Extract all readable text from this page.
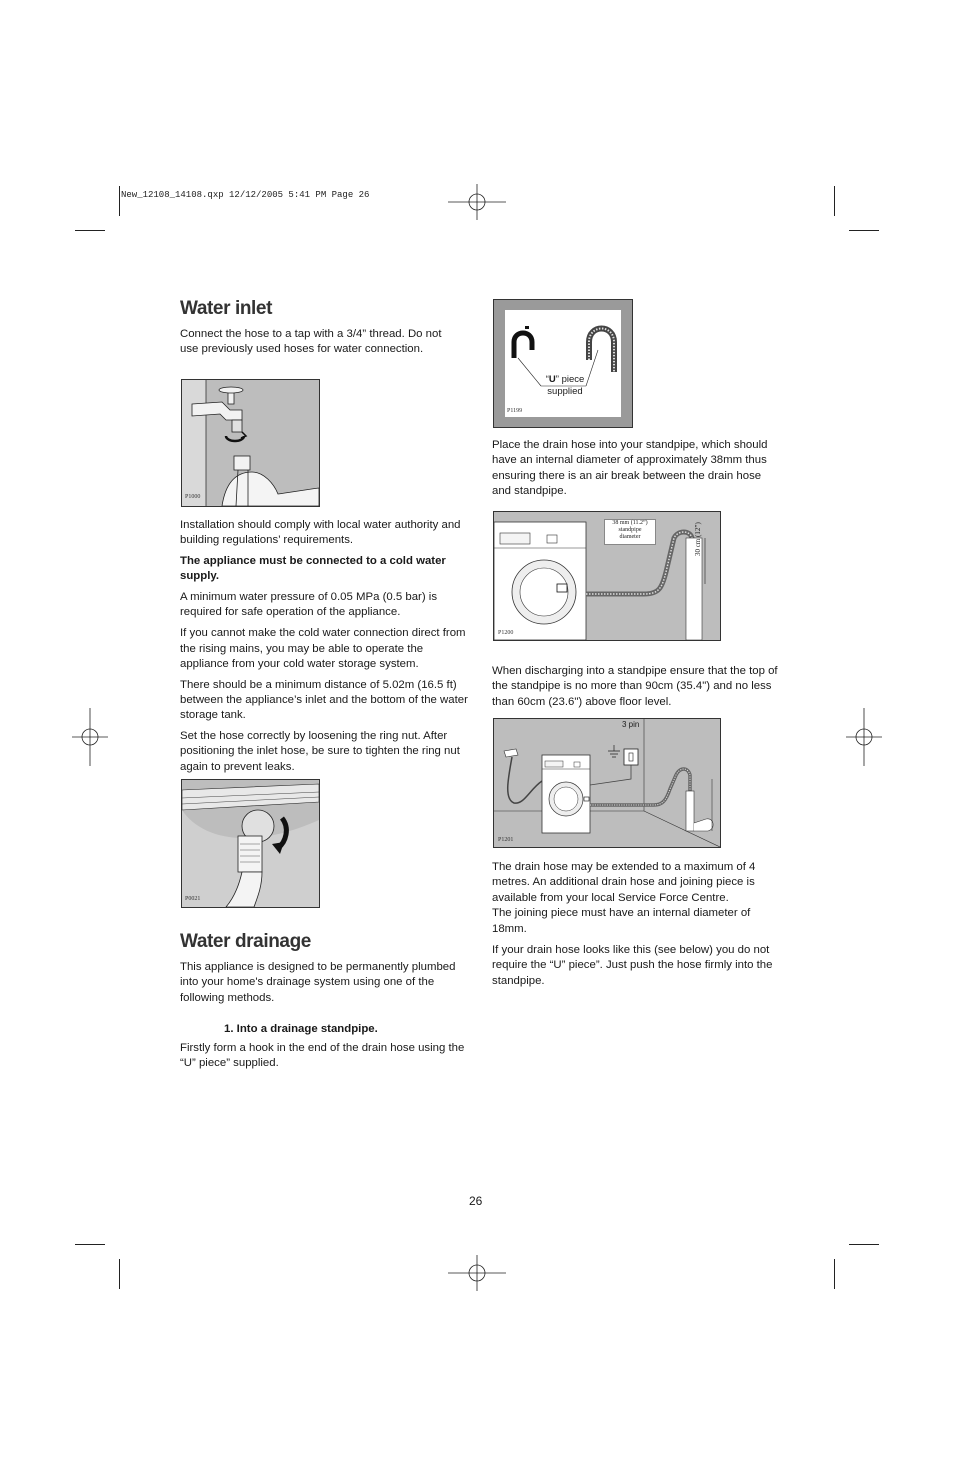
New_12108_14108.qxp 12/12/2005 5:41 PM Page 26
Water inlet

Connect the hose to a tap with a 3/4” thread. Do not use previously used hoses for water connection.

P1000

Installation should comply with local water authority and building regulations’ requirements.

The appliance must be connected to a cold water supply.

A minimum water pressure of 0.05 MPa (0.5 bar) is required for safe operation of the appliance.

If you cannot make the cold water connection direct from the rising mains, you may be able to operate the appliance from your cold water storage system.

There should be a minimum distance of 5.02m (16.5 ft) between the appliance’s inlet and the bottom of the water storage tank.

Set the hose correctly by loosening the ring nut. After positioning the inlet hose, be sure to tighten the ring nut again to prevent leaks.

P0021
Water drainage

This appliance is designed to be permanently plumbed into your home's drainage system using one of the following methods.

1. Into a drainage standpipe.

Firstly form a hook in the end of the drain hose using the “U” piece” supplied.

“U” piece
supplied
P1199

Place the drain hose into your standpipe, which should have an internal diameter of approximately 38mm thus ensuring there is an air break between the drain hose and standpipe.

38 mm (11.2”)
standpipe
diameter	30 cm (12”)
P1200

When discharging into a standpipe ensure that the top of the standpipe is no more than 90cm (35.4") and no less than 60cm (23.6") above floor level.

3 pin
P1201

The drain hose may be extended to a maximum of 4 metres. An additional drain hose and joining piece is available from your local Service Force Centre.

The joining piece must have an internal diameter of 18mm.

If your drain hose looks like this (see below) you do not require the “U” piece”. Just push the hose firmly into the standpipe.

26
